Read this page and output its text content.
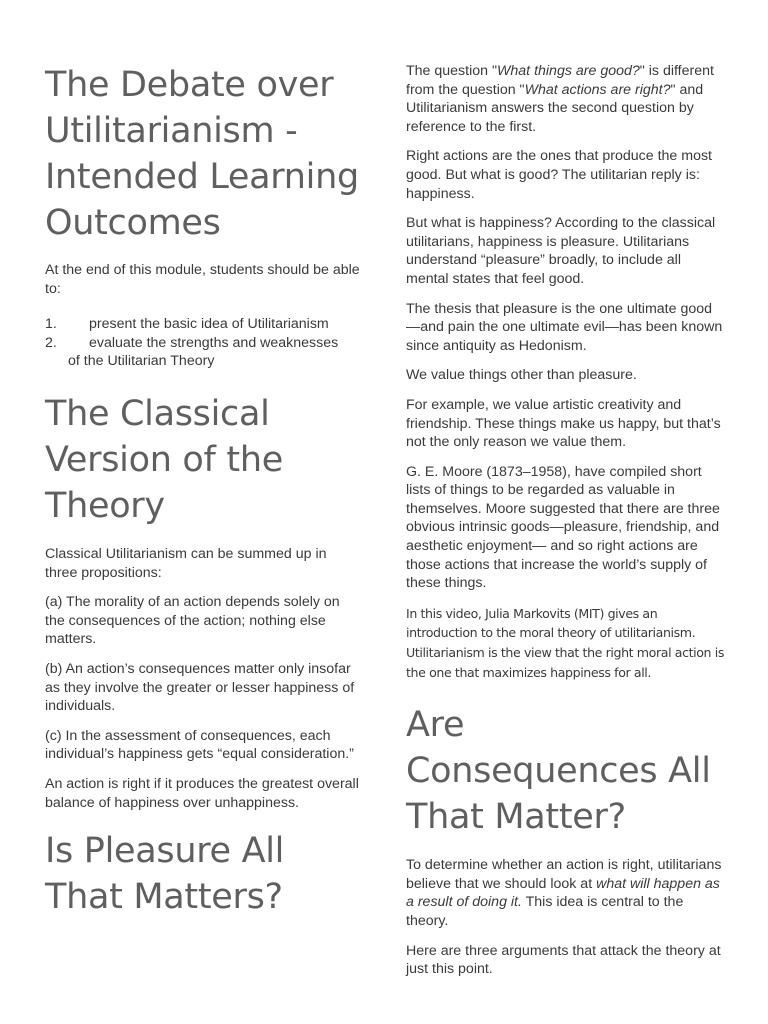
The Debate over Utilitarianism - Intended Learning Outcomes

At the end of this module, students should be able to:

1. present the basic idea of Utilitarianism
2. evaluate the strengths and weaknesses
of the Utilitarian Theory
The Classical Version of the Theory

Classical Utilitarianism can be summed up in three propositions:

(a) The morality of an action depends solely on the consequences of the action; nothing else matters.

(b) An action’s consequences matter only insofar as they involve the greater or lesser happiness of individuals.

(c) In the assessment of consequences, each individual’s happiness gets “equal consideration.”

An action is right if it produces the greatest overall balance of happiness over unhappiness.

Is Pleasure All That Matters?

The question "What things are good?" is different from the question "What actions are right?" and Utilitarianism answers the second question by reference to the first.

Right actions are the ones that produce the most good. But what is good? The utilitarian reply is: happiness.

But what is happiness? According to the classical utilitarians, happiness is pleasure. Utilitarians understand “pleasure” broadly, to include all mental states that feel good.

The thesis that pleasure is the one ultimate good—and pain the one ultimate evil—has been known since antiquity as Hedonism.

We value things other than pleasure.

For example, we value artistic creativity and friendship. These things make us happy, but that’s not the only reason we value them.

G. E. Moore (1873–1958), have compiled short lists of things to be regarded as valuable in themselves. Moore suggested that there are three obvious intrinsic goods—pleasure, friendship, and aesthetic enjoyment— and so right actions are those actions that increase the world’s supply of these things.

In this video, Julia Markovits (MIT) gives an introduction to the moral theory of utilitarianism. Utilitarianism is the view that the right moral action is the one that maximizes happiness for all.

Are Consequences All That Matter?

To determine whether an action is right, utilitarians believe that we should look at what will happen as a result of doing it. This idea is central to the theory.

Here are three arguments that attack the theory at just this point.
